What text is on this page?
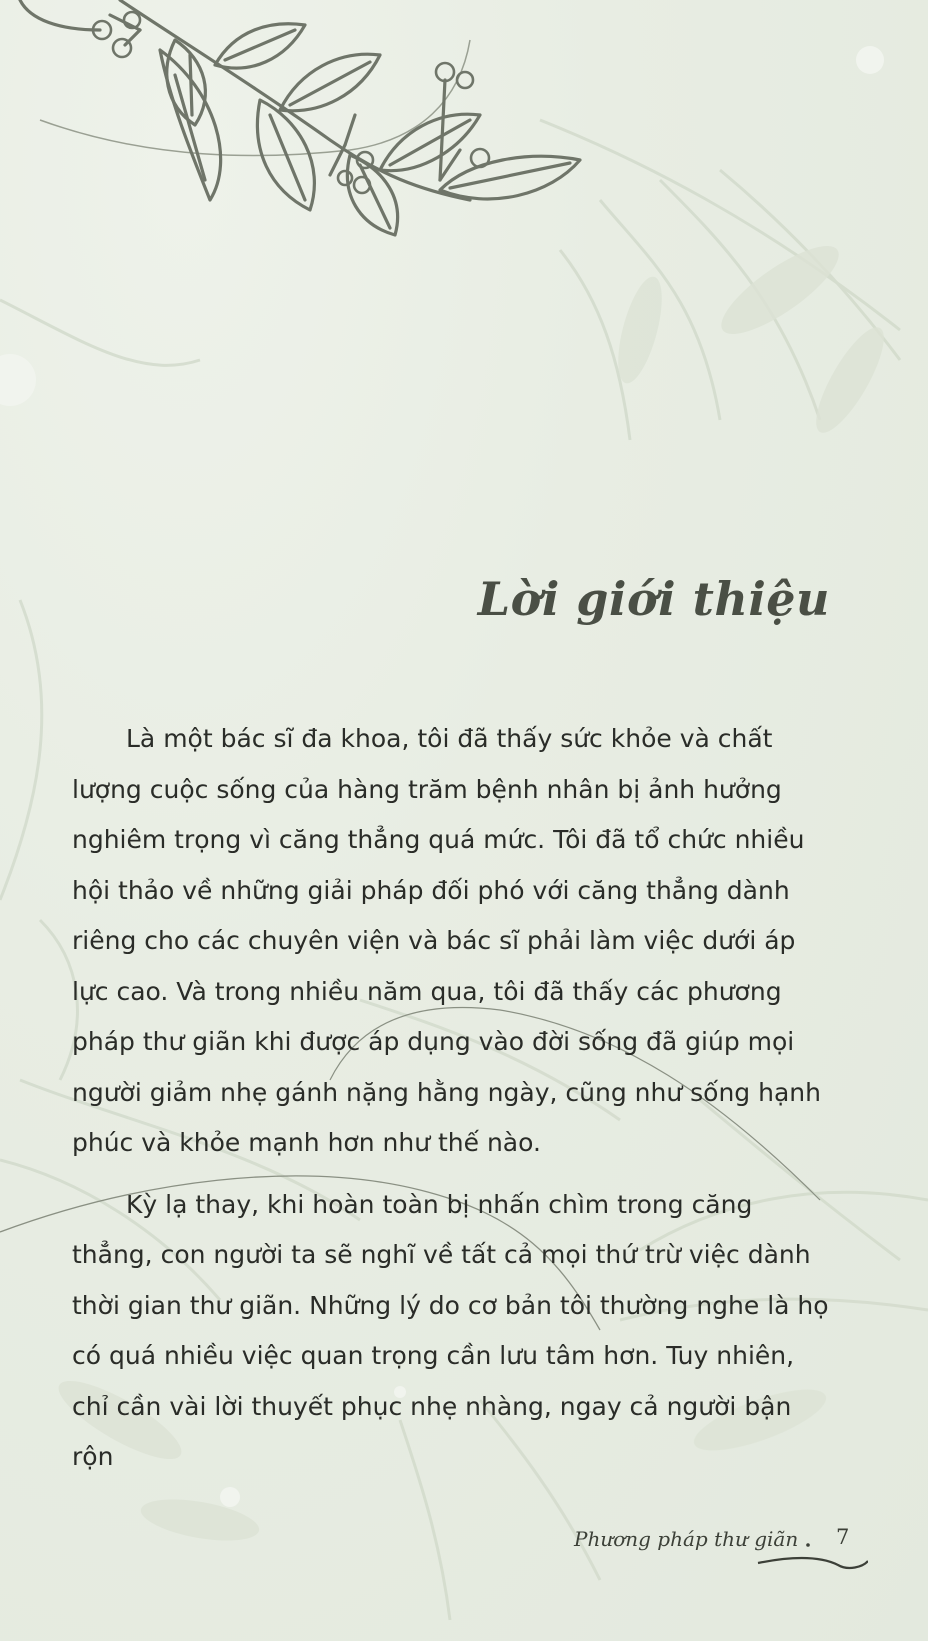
Lời giới thiệu

Là một bác sĩ đa khoa, tôi đã thấy sức khỏe và chất lượng cuộc sống của hàng trăm bệnh nhân bị ảnh hưởng nghiêm trọng vì căng thẳng quá mức. Tôi đã tổ chức nhiều hội thảo về những giải pháp đối phó với căng thẳng dành riêng cho các chuyên viện và bác sĩ phải làm việc dưới áp lực cao. Và trong nhiều năm qua, tôi đã thấy các phương pháp thư giãn khi được áp dụng vào đời sống đã giúp mọi người giảm nhẹ gánh nặng hằng ngày, cũng như sống hạnh phúc và khỏe mạnh hơn như thế nào.

Kỳ lạ thay, khi hoàn toàn bị nhấn chìm trong căng thẳng, con người ta sẽ nghĩ về tất cả mọi thứ trừ việc dành thời gian thư giãn. Những lý do cơ bản tôi thường nghe là họ có quá nhiều việc quan trọng cần lưu tâm hơn. Tuy nhiên, chỉ cần vài lời thuyết phục nhẹ nhàng, ngay cả người bận rộn

Phương pháp thư giãn 7
